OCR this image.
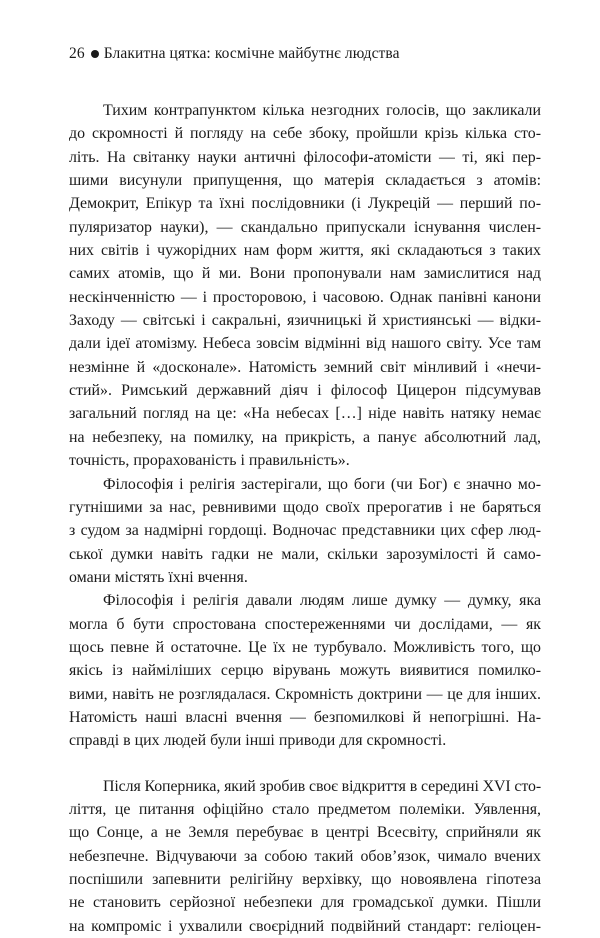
26 Блакитна цятка: космічне майбутнє людства
Тихим контрапунктом кілька незгодних голосів, що закликали
до скромності й погляду на себе збоку, пройшли крізь кілька сто-
літь. На світанку науки античні філософи-атомісти — ті, які пер-
шими висунули припущення, що матерія складається з атомів:
Демокрит, Епікур та їхні послідовники (і Лукрецій — перший по-
пуляризатор науки), — скандально припускали існування числен-
них світів і чужорідних нам форм життя, які складаються з таких
самих атомів, що й ми. Вони пропонували нам замислитися над
нескінченністю — і просторовою, і часовою. Однак панівні канони
Заходу — світські і сакральні, язичницькі й християнські — відки-
дали ідеї атомізму. Небеса зовсім відмінні від нашого світу. Усе там
незмінне й «досконале». Натомість земний світ мінливий і «нечи-
стий». Римський державний діяч і філософ Цицерон підсумував
загальний погляд на це: «На небесах […] ніде навіть натяку немає
на небезпеку, на помилку, на прикрість, а панує абсолютний лад,
точність, прорахованість і правильність».
Філософія і релігія застерігали, що боги (чи Бог) є значно мо-
гутнішими за нас, ревнивими щодо своїх прерогатив і не баряться
з судом за надмірні гордощі. Водночас представники цих сфер люд-
ської думки навіть гадки не мали, скільки зарозумілості й само-
омани містять їхні вчення.
Філософія і релігія давали людям лише думку — думку, яка
могла б бути спростована спостереженнями чи дослідами, — як
щось певне й остаточне. Це їх не турбувало. Можливість того, що
якісь із найміліших серцю вірувань можуть виявитися помилко-
вими, навіть не розглядалася. Скромність доктрини — це для інших.
Натомість наші власні вчення — безпомилкові й непогрішні. На-
справді в цих людей були інші приводи для скромності.
Після Коперника, який зробив своє відкриття в середині XVI сто-
ліття, це питання офіційно стало предметом полеміки. Уявлення,
що Сонце, а не Земля перебуває в центрі Всесвіту, сприйняли як
небезпечне. Відчуваючи за собою такий обов’язок, чимало вчених
поспішили запевнити релігійну верхівку, що новоявлена гіпотеза
не становить серйозної небезпеки для громадської думки. Пішли
на компроміс і ухвалили своєрідний подвійний стандарт: геліоцен-
